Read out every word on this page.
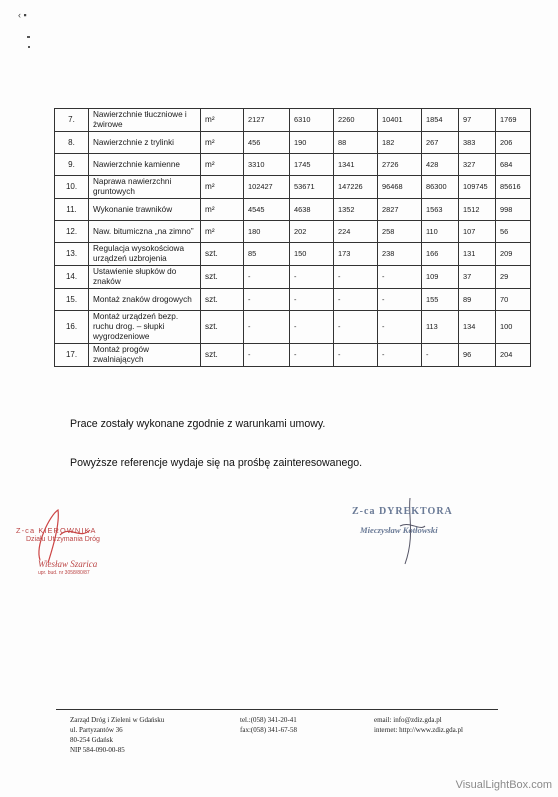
‹ ▪
7.	Nawierzchnie tłuczniowe i żwirowe	m²	2127	6310	2260	10401	1854	97	1769
8.	Nawierzchnie z trylinki	m²	456	190	88	182	267	383	206
9.	Nawierzchnie kamienne	m²	3310	1745	1341	2726	428	327	684
10.	Naprawa nawierzchni gruntowych	m²	102427	53671	147226	96468	86300	109745	85616
11.	Wykonanie trawników	m²	4545	4638	1352	2827	1563	1512	998
12.	Naw. bitumiczna „na zimno”	m²	180	202	224	258	110	107	56
13.	Regulacja wysokościowa urządzeń uzbrojenia	szt.	85	150	173	238	166	131	209
14.	Ustawienie słupków do znaków	szt.	-	-	-	-	109	37	29
15.	Montaż znaków drogowych	szt.	-	-	-	-	155	89	70
16.	Montaż urządzeń bezp. ruchu drog. – słupki wygrodzeniowe	szt.	-	-	-	-	113	134	100
17.	Montaż progów zwalniających	szt.	-	-	-	-	-	96	204
Prace zostały wykonane zgodnie z warunkami umowy.
Powyższe referencje wydaje się na prośbę zainteresowanego.
Z-ca KIEROWNIKA
Działu Utrzymania Dróg
Wiesław Szarica
upr. bud. nr 3058/80/87
Z-ca DYREKTORA
Mieczysław Kotłowski
Zarząd Dróg i Zieleni w Gdańsku
ul. Partyzantów 36
80-254 Gdańsk
NIP 584-090-00-85
tel.:(058) 341-20-41
fax:(058) 341-67-58
email: info@zdiz.gda.pl
internet: http://www.zdiz.gda.pl
VisualLightBox.com
